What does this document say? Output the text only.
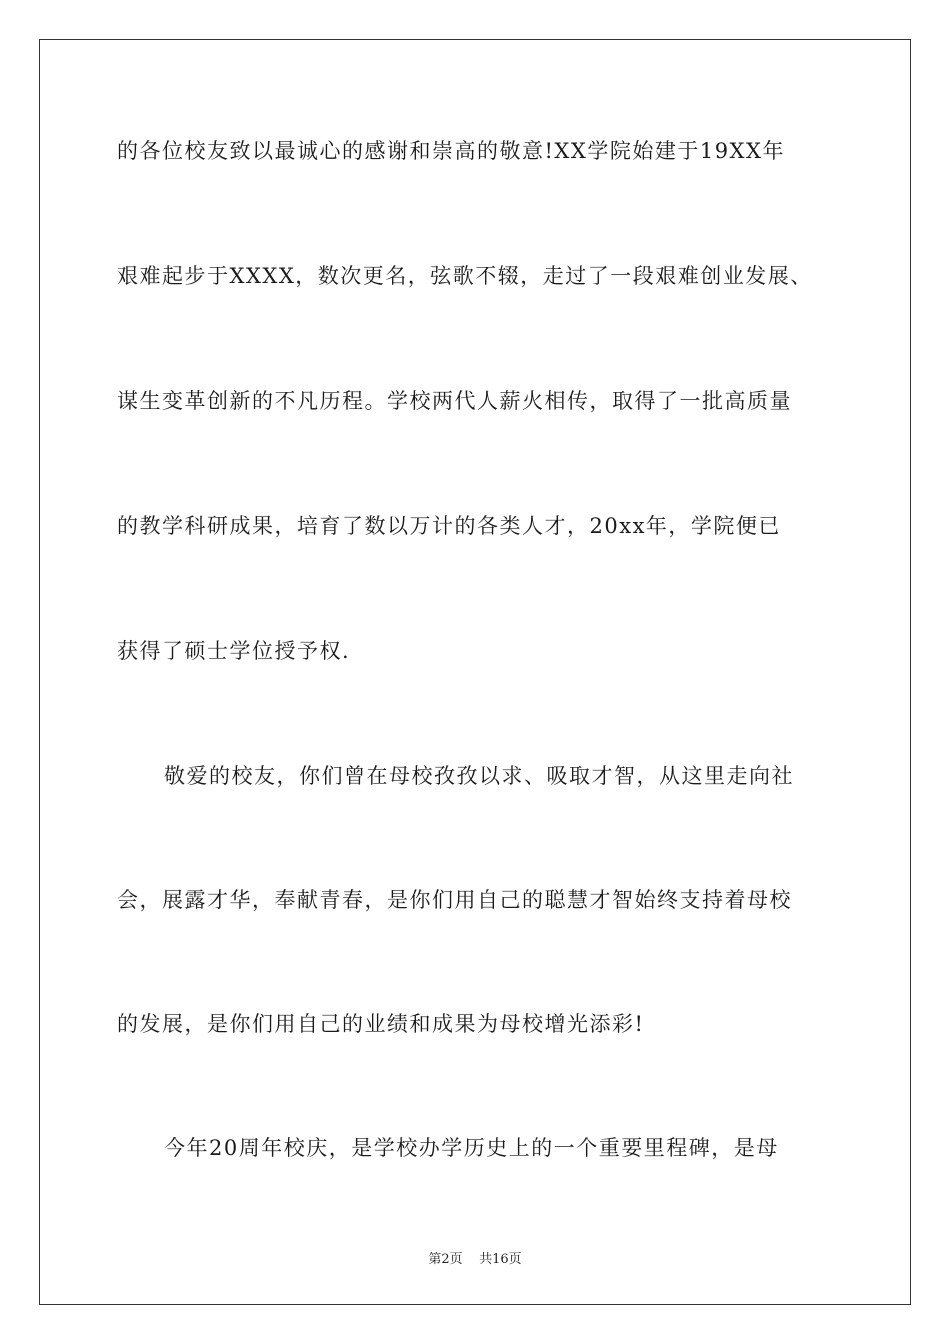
的各位校友致以最诚心的感谢和崇高的敬意!XX学院始建于19XX年
艰难起步于XXXX，数次更名，弦歌不辍，走过了一段艰难创业发展、
谋生变革创新的不凡历程。学校两代人薪火相传，取得了一批高质量
的教学科研成果，培育了数以万计的各类人才，20xx年，学院便已
获得了硕士学位授予权.
敬爱的校友，你们曾在母校孜孜以求、吸取才智，从这里走向社
会，展露才华，奉献青春，是你们用自己的聪慧才智始终支持着母校
的发展，是你们用自己的业绩和成果为母校增光添彩!
今年20周年校庆，是学校办学历史上的一个重要里程碑，是母
第2页 共16页
